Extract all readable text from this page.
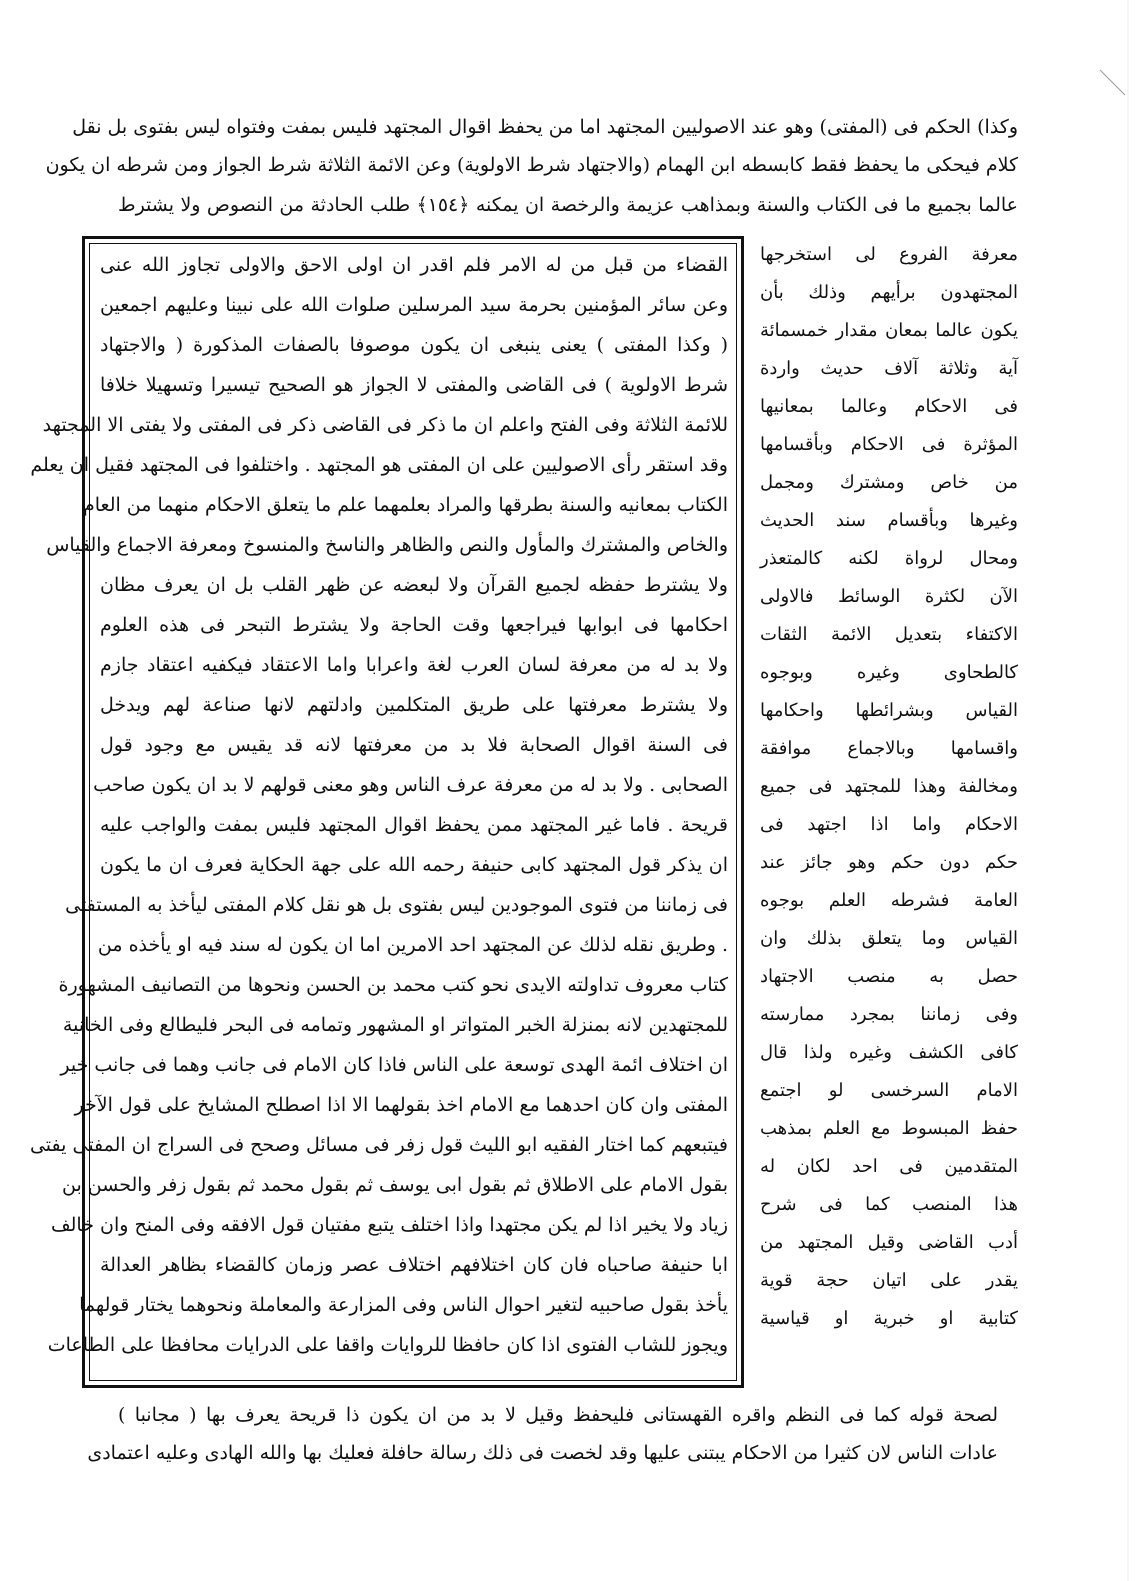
وكذا) الحكم فى (المفتى) وهو عند الاصوليين المجتهد اما من يحفظ اقوال المجتهد فليس بمفت وفتواه ليس بفتوى بل نقل
كلام فيحكى ما يحفظ فقط كابسطه ابن الهمام (والاجتهاد شرط الاولوية) وعن الائمة الثلاثة شرط الجواز ومن شرطه ان يكون
عالما بجميع ما فى الكتاب والسنة وبمذاهب عزيمة والرخصة ان يمكنه ﴿١٥٤﴾ طلب الحادثة من النصوص ولا يشترط
معرفة الفروع لى استخرجها
المجتهدون برأيهم وذلك بأن
يكون عالما بمعان مقدار خمسمائة
آية وثلاثة آلاف حديث واردة
فى الاحكام وعالما بمعانيها
المؤثرة فى الاحكام وبأقسامها
من خاص ومشترك ومجمل
وغيرها وبأقسام سند الحديث
ومحال لرواة لكنه كالمتعذر
الآن لكثرة الوسائط فالاولى
الاكتفاء بتعديل الائمة الثقات
كالطحاوى وغيره وبوجوه
القياس وبشرائطها واحكامها
واقسامها وبالاجماع موافقة
ومخالفة وهذا للمجتهد فى جميع
الاحكام واما اذا اجتهد فى
حكم دون حكم وهو جائز عند
العامة فشرطه العلم بوجوه
القياس وما يتعلق بذلك وان
حصل به منصب الاجتهاد
وفى زماننا بمجرد ممارسته
كافى الكشف وغيره ولذا قال
الامام السرخسى لو اجتمع
حفظ المبسوط مع العلم بمذهب
المتقدمين فى احد لكان له
هذا المنصب كما فى شرح
أدب القاضى وقيل المجتهد من
يقدر على اتيان حجة قوية
كتابية او خبرية او قياسية
القضاء من قبل من له الامر فلم اقدر ان اولى الاحق والاولى تجاوز الله عنى
وعن سائر المؤمنين بحرمة سيد المرسلين صلوات الله على نبينا وعليهم اجمعين
( وكذا المفتى ) يعنى ينبغى ان يكون موصوفا بالصفات المذكورة ( والاجتهاد
شرط الاولوية ) فى القاضى والمفتى لا الجواز هو الصحيح تيسيرا وتسهيلا خلافا
للائمة الثلاثة وفى الفتح واعلم ان ما ذكر فى القاضى ذكر فى المفتى ولا يفتى الا المجتهد
وقد استقر رأى الاصوليين على ان المفتى هو المجتهد . واختلفوا فى المجتهد فقيل ان يعلم
الكتاب بمعانيه والسنة بطرقها والمراد بعلمهما علم ما يتعلق الاحكام منهما من العام
والخاص والمشترك والمأول والنص والظاهر والناسخ والمنسوخ ومعرفة الاجماع والقياس
ولا يشترط حفظه لجميع القرآن ولا لبعضه عن ظهر القلب بل ان يعرف مظان
احكامها فى ابوابها فيراجعها وقت الحاجة ولا يشترط التبحر فى هذه العلوم
ولا بد له من معرفة لسان العرب لغة واعرابا واما الاعتقاد فيكفيه اعتقاد جازم
ولا يشترط معرفتها على طريق المتكلمين وادلتهم لانها صناعة لهم ويدخل
فى السنة اقوال الصحابة فلا بد من معرفتها لانه قد يقيس مع وجود قول
الصحابى . ولا بد له من معرفة عرف الناس وهو معنى قولهم لا بد ان يكون صاحب
قريحة . فاما غير المجتهد ممن يحفظ اقوال المجتهد فليس بمفت والواجب عليه
ان يذكر قول المجتهد كابى حنيفة رحمه الله على جهة الحكاية فعرف ان ما يكون
فى زماننا من فتوى الموجودين ليس بفتوى بل هو نقل كلام المفتى ليأخذ به المستفتى
. وطريق نقله لذلك عن المجتهد احد الامرين اما ان يكون له سند فيه او يأخذه من
كتاب معروف تداولته الايدى نحو كتب محمد بن الحسن ونحوها من التصانيف المشهورة
للمجتهدين لانه بمنزلة الخبر المتواتر او المشهور وتمامه فى البحر فليطالع وفى الخانية
ان اختلاف ائمة الهدى توسعة على الناس فاذا كان الامام فى جانب وهما فى جانب خير
المفتى وان كان احدهما مع الامام اخذ بقولهما الا اذا اصطلح المشايخ على قول الآخر
فيتبعهم كما اختار الفقيه ابو الليث قول زفر فى مسائل وصحح فى السراج ان المفتى يفتى
بقول الامام على الاطلاق ثم بقول ابى يوسف ثم بقول محمد ثم بقول زفر والحسن بن
زياد ولا يخير اذا لم يكن مجتهدا واذا اختلف يتبع مفتيان قول الافقه وفى المنح وان خالف
ابا حنيفة صاحباه فان كان اختلافهم اختلاف عصر وزمان كالقضاء بظاهر العدالة
يأخذ بقول صاحبيه لتغير احوال الناس وفى المزارعة والمعاملة ونحوهما يختار قولهما
ويجوز للشاب الفتوى اذا كان حافظا للروايات واقفا على الدرايات محافظا على الطاعات
لصحة قوله كما فى النظم واقره القهستانى فليحفظ وقيل لا بد من ان يكون ذا قريحة يعرف بها ( مجانبا )
عادات الناس لان كثيرا من الاحكام يبتنى عليها وقد لخصت فى ذلك رسالة حافلة فعليك بها والله الهادى وعليه اعتمادى
